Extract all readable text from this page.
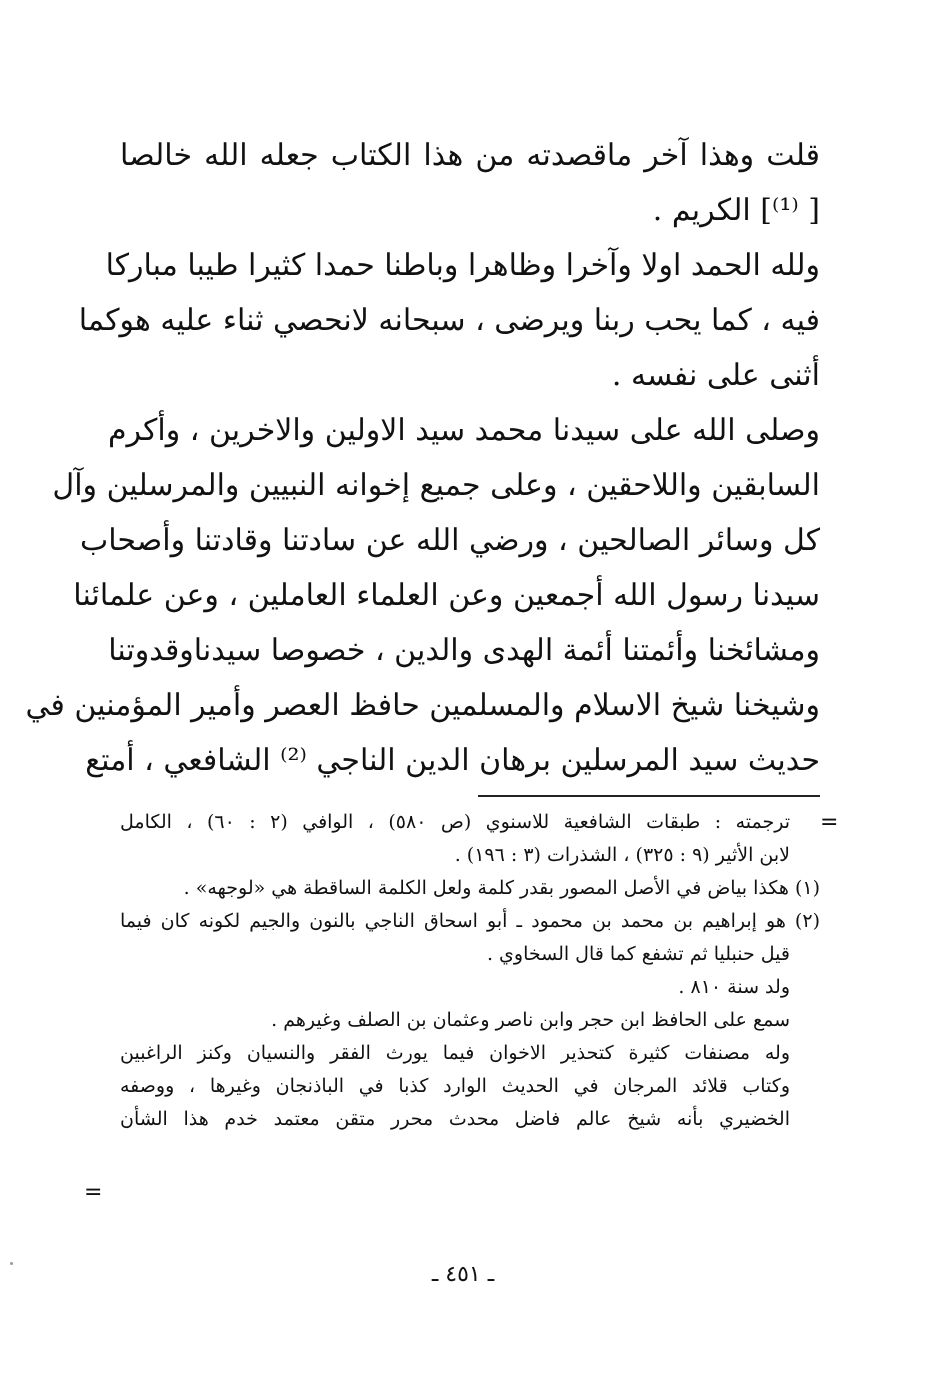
قلت وهذا آخر ماقصدته من هذا الكتاب جعله الله خالصا
[ ⁽¹⁾] الكريم .
ولله الحمد اولا وآخرا وظاهرا وباطنا حمدا كثيرا طيبا مباركا
فيه ، كما يحب ربنا ويرضى ، سبحانه لانحصي ثناء عليه هوكما
أثنى على نفسه .
وصلى الله على سيدنا محمد سيد الاولين والاخرين ، وأكرم
السابقين واللاحقين ، وعلى جميع إخوانه النبيين والمرسلين وآل
كل وسائر الصالحين ، ورضي الله عن سادتنا وقادتنا وأصحاب
سيدنا رسول الله أجمعين وعن العلماء العاملين ، وعن علمائنا
ومشائخنا وأئمتنا أئمة الهدى والدين ، خصوصا سيدناوقدوتنا
وشيخنا شيخ الاسلام والمسلمين حافظ العصر وأمير المؤمنين في
حديث سيد المرسلين برهان الدين الناجي ⁽²⁾ الشافعي ، أمتع
=
ترجمته : طبقات الشافعية للاسنوي (ص ٥٨٠) ، الوافي (٢ : ٦٠) ، الكامل
لابن الأثير (٩ : ٣٢٥) ، الشذرات (٣ : ١٩٦) .
(١) هكذا بياض في الأصل المصور بقدر كلمة ولعل الكلمة الساقطة هي «لوجهه» .
(٢) هو إبراهيم بن محمد بن محمود ـ أبو اسحاق الناجي بالنون والجيم لكونه كان فيما
قيل حنبليا ثم تشفع كما قال السخاوي .
ولد سنة ٨١٠ .
سمع على الحافظ ابن حجر وابن ناصر وعثمان بن الصلف وغيرهم .
وله مصنفات كثيرة كتحذير الاخوان فيما يورث الفقر والنسيان وكنز الراغبين
وكتاب قلائد المرجان في الحديث الوارد كذبا في الباذنجان وغيرها ، ووصفه
الخضيري بأنه شيخ عالم فاضل محدث محرر متقن معتمد خدم هذا الشأن
=
ـ ٤٥١ ـ
